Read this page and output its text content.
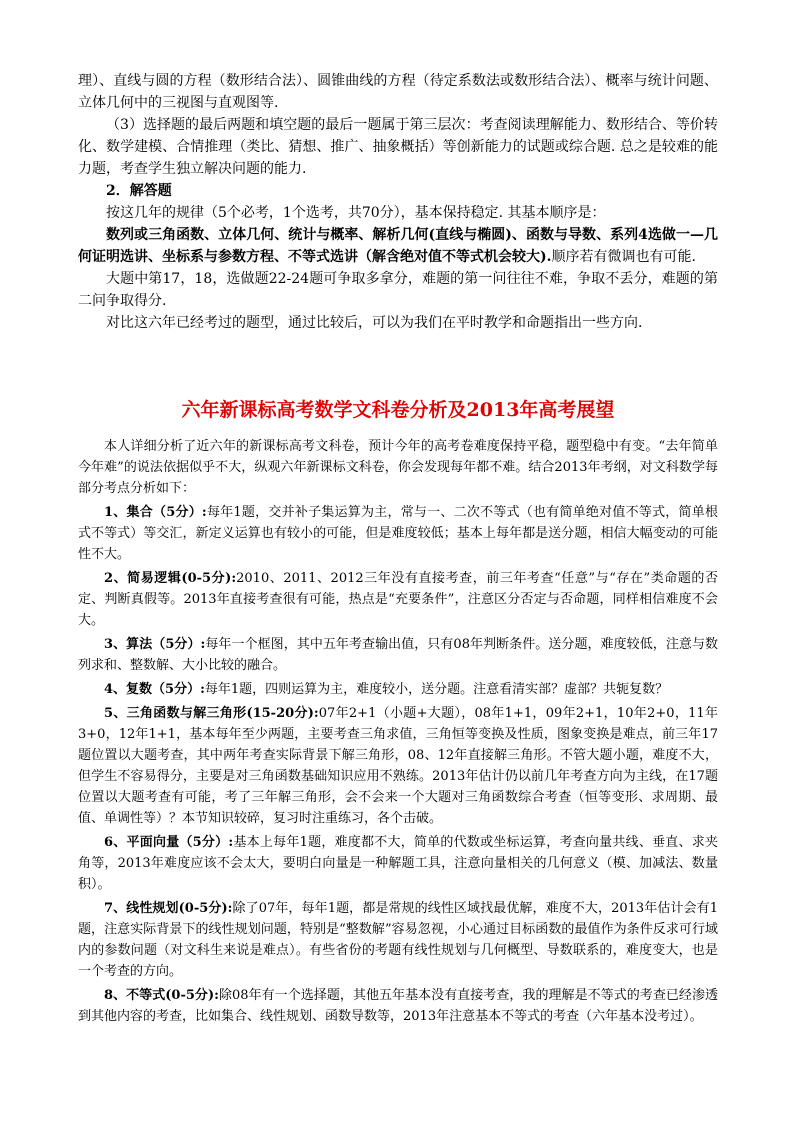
理）、直线与圆的方程（数形结合法）、圆锥曲线的方程（待定系数法或数形结合法）、概率与统计问题、立体几何中的三视图与直观图等.

（3）选择题的最后两题和填空题的最后一题属于第三层次：考查阅读理解能力、数形结合、等价转化、数学建模、合情推理（类比、猜想、推广、抽象概括）等创新能力的试题或综合题. 总之是较难的能力题，考查学生独立解决问题的能力.

2．解答题

按这几年的规律（5个必考，1个选考，共70分），基本保持稳定. 其基本顺序是：

数列或三角函数、立体几何、统计与概率、解析几何(直线与椭圆)、函数与导数、系列4选做一—几何证明选讲、坐标系与参数方程、不等式选讲（解含绝对值不等式机会较大).顺序若有微调也有可能.

大题中第17，18，选做题22-24题可争取多拿分，难题的第一问往往不难，争取不丢分，难题的第二问争取得分.

对比这六年已经考过的题型，通过比较后，可以为我们在平时教学和命题指出一些方向.

六年新课标高考数学文科卷分析及2013年高考展望

本人详细分析了近六年的新课标高考文科卷，预计今年的高考卷难度保持平稳，题型稳中有变。“去年简单今年难”的说法依据似乎不大，纵观六年新课标文科卷，你会发现每年都不难。结合2013年考纲，对文科数学每部分考点分析如下：

1、集合（5分）:每年1题，交并补子集运算为主，常与一、二次不等式（也有简单绝对值不等式，简单根式不等式）等交汇，新定义运算也有较小的可能，但是难度较低；基本上每年都是送分题，相信大幅变动的可能性不大。

2、简易逻辑(0-5分):2010、2011、2012三年没有直接考查，前三年考查“任意”与“存在”类命题的否定、判断真假等。2013年直接考查很有可能，热点是“充要条件”，注意区分否定与否命题，同样相信难度不会大。

3、算法（5分）:每年一个框图，其中五年考查输出值，只有08年判断条件。送分题，难度较低，注意与数列求和、整数解、大小比较的融合。

4、复数（5分）:每年1题，四则运算为主，难度较小，送分题。注意看清实部？虚部？共轭复数？

5、三角函数与解三角形(15-20分):07年2+1（小题+大题），08年1+1，09年2+1，10年2+0，11年3+0，12年1+1，基本每年至少两题，主要考查三角求值，三角恒等变换及性质，图象变换是难点，前三年17题位置以大题考查，其中两年考查实际背景下解三角形，08、12年直接解三角形。不管大题小题，难度不大，但学生不容易得分，主要是对三角函数基础知识应用不熟练。2013年估计仍以前几年考查方向为主线，在17题位置以大题考查有可能，考了三年解三角形，会不会来一个大题对三角函数综合考查（恒等变形、求周期、最值、单调性等）？本节知识较碎，复习时注重练习，各个击破。

6、平面向量（5分）:基本上每年1题，难度都不大，简单的代数或坐标运算，考查向量共线、垂直、求夹角等，2013年难度应该不会太大，要明白向量是一种解题工具，注意向量相关的几何意义（模、加减法、数量积）。

7、线性规划(0-5分):除了07年，每年1题，都是常规的线性区域找最优解，难度不大，2013年估计会有1题，注意实际背景下的线性规划问题，特别是“整数解”容易忽视，小心通过目标函数的最值作为条件反求可行域内的参数问题（对文科生来说是难点）。有些省份的考题有线性规划与几何概型、导数联系的，难度变大，也是一个考查的方向。

8、不等式(0-5分):除08年有一个选择题，其他五年基本没有直接考查，我的理解是不等式的考查已经渗透到其他内容的考查，比如集合、线性规划、函数导数等，2013年注意基本不等式的考查（六年基本没考过）。
